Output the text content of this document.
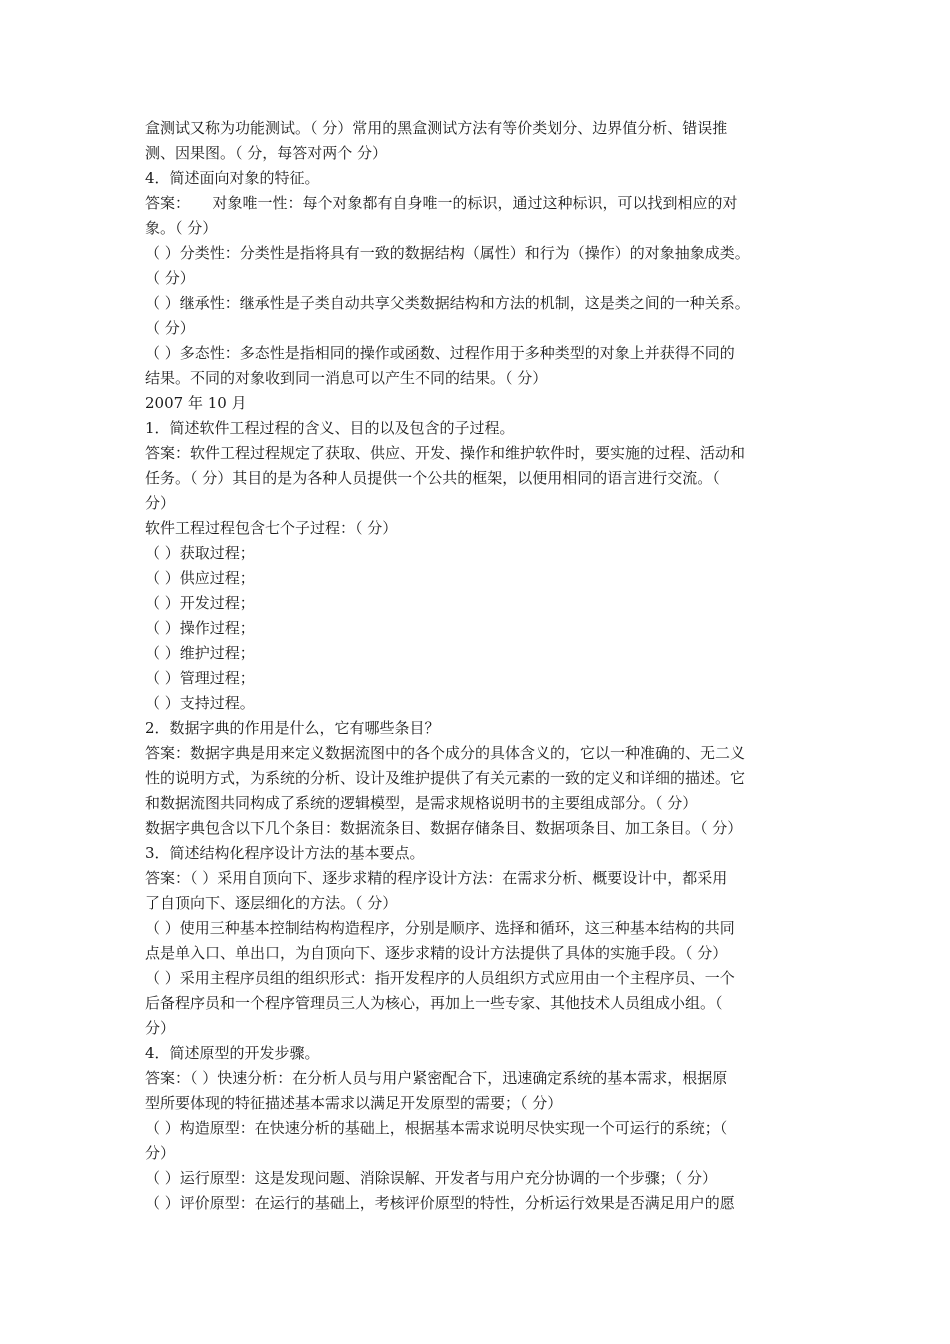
盒测试又称为功能测试。（ 分）常用的黑盒测试方法有等价类划分、边界值分析、错误推
测、因果图。（ 分，每答对两个 分）
4．简述面向对象的特征。
答案：　　对象唯一性：每个对象都有自身唯一的标识，通过这种标识，可以找到相应的对
象。（ 分）
（ ）分类性：分类性是指将具有一致的数据结构（属性）和行为（操作）的对象抽象成类。
（ 分）
（ ）继承性：继承性是子类自动共享父类数据结构和方法的机制，这是类之间的一种关系。
（ 分）
（ ）多态性：多态性是指相同的操作或函数、过程作用于多种类型的对象上并获得不同的
结果。不同的对象收到同一消息可以产生不同的结果。（ 分）
2007 年 10 月
1．简述软件工程过程的含义、目的以及包含的子过程。
答案：软件工程过程规定了获取、供应、开发、操作和维护软件时，要实施的过程、活动和
任务。（ 分）其目的是为各种人员提供一个公共的框架，以便用相同的语言进行交流。（
分）
软件工程过程包含七个子过程：（ 分）
（ ）获取过程；
（ ）供应过程；
（ ）开发过程；
（ ）操作过程；
（ ）维护过程；
（ ）管理过程；
（ ）支持过程。
2．数据字典的作用是什么，它有哪些条目？
答案：数据字典是用来定义数据流图中的各个成分的具体含义的，它以一种准确的、无二义
性的说明方式，为系统的分析、设计及维护提供了有关元素的一致的定义和详细的描述。它
和数据流图共同构成了系统的逻辑模型，是需求规格说明书的主要组成部分。（ 分）
数据字典包含以下几个条目：数据流条目、数据存储条目、数据项条目、加工条目。（ 分）
3．简述结构化程序设计方法的基本要点。
答案：（ ）采用自顶向下、逐步求精的程序设计方法：在需求分析、概要设计中，都采用
了自顶向下、逐层细化的方法。（ 分）
（ ）使用三种基本控制结构构造程序，分别是顺序、选择和循环，这三种基本结构的共同
点是单入口、单出口，为自顶向下、逐步求精的设计方法提供了具体的实施手段。（ 分）
（ ）采用主程序员组的组织形式：指开发程序的人员组织方式应用由一个主程序员、一个
后备程序员和一个程序管理员三人为核心，再加上一些专家、其他技术人员组成小组。（
分）
4．简述原型的开发步骤。
答案：（ ）快速分析：在分析人员与用户紧密配合下，迅速确定系统的基本需求，根据原
型所要体现的特征描述基本需求以满足开发原型的需要；（ 分）
（ ）构造原型：在快速分析的基础上，根据基本需求说明尽快实现一个可运行的系统；（
分）
（ ）运行原型：这是发现问题、消除误解、开发者与用户充分协调的一个步骤；（ 分）
（ ）评价原型：在运行的基础上，考核评价原型的特性，分析运行效果是否满足用户的愿
